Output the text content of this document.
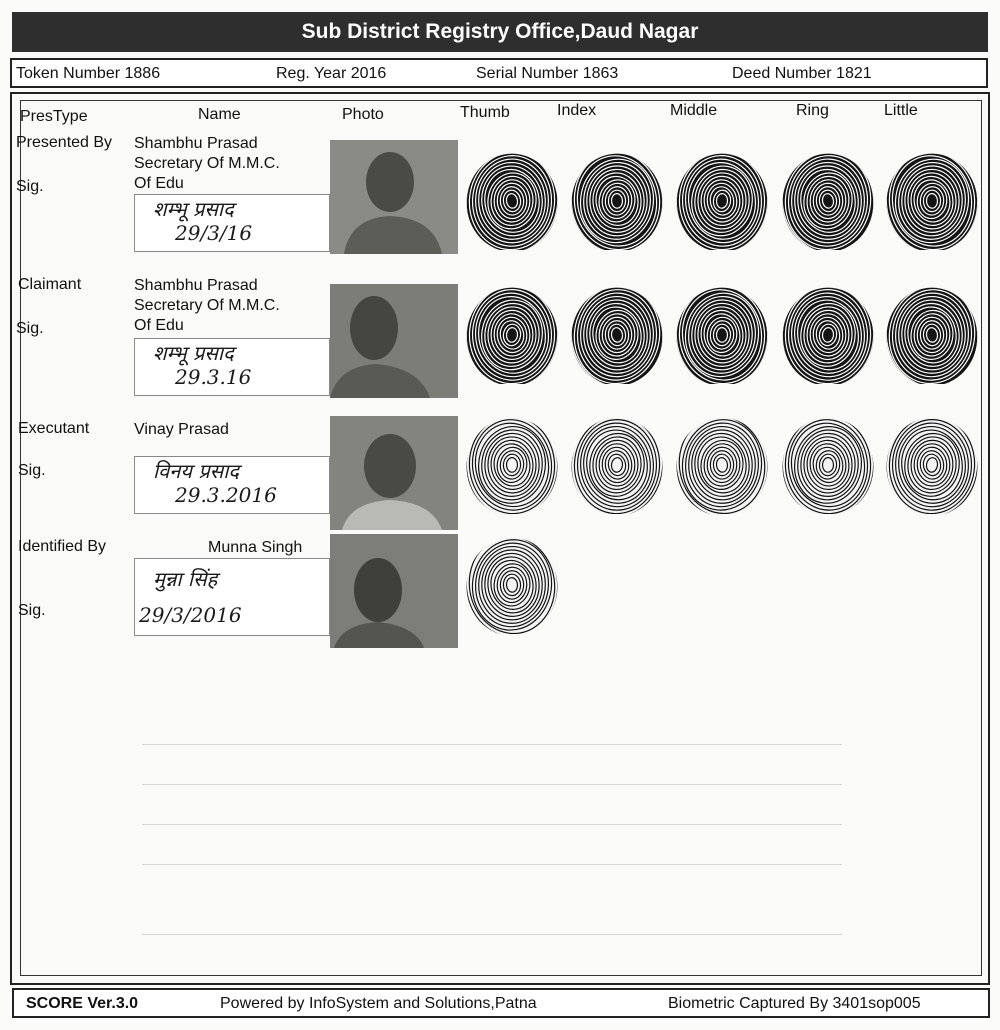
Sub District Registry Office,Daud Nagar
Token Number 1886	Reg. Year 2016	Serial Number 1863	Deed Number 1821
PresType	Name	Photo	Thumb	Index	Middle	Ring	Little
Presented By Shambhu Prasad
Secretary Of M.M.C.
Of Edu
Sig.
शम्भू प्रसाद
29/3/16
Claimant	Shambhu Prasad
Secretary Of M.M.C.
Of Edu
Sig.
शम्भू प्रसाद
29.3.16
Executant	Vinay Prasad
Sig.	विनय प्रसाद
29.3.2016
Identified By	Munna Singh
Sig.
मुन्ना सिंह
29/3/2016
SCORE Ver.3.0	Powered by InfoSystem and Solutions,Patna	Biometric Captured By 3401sop005
